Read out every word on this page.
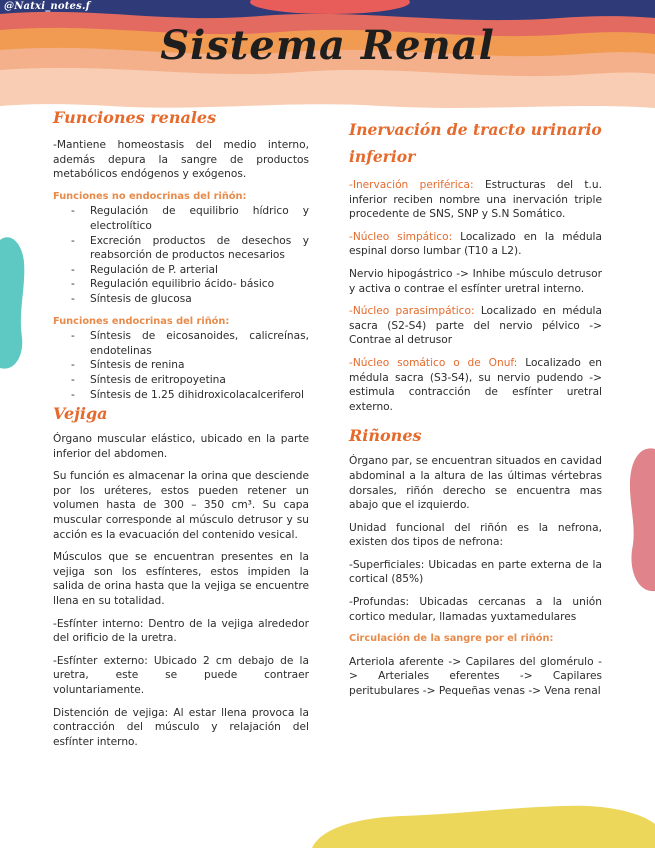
@Natxi_notes.f
Sistema Renal
Funciones renales

-Mantiene homeostasis del medio interno, además depura la sangre de productos metabólicos endógenos y exógenos.

Funciones no endocrinas del riñón:
- Regulación de equilibrio hídrico y electrolítico
- Excreción productos de desechos y reabsorción de productos necesarios
- Regulación de P. arterial
- Regulación equilibrio ácido- básico
- Síntesis de glucosa
Funciones endocrinas del riñón:
- Síntesis de eicosanoides, calicreínas, endotelinas
- Síntesis de renina
- Síntesis de eritropoyetina
- Síntesis de 1.25 dihidroxicolacalceriferol
Vejiga

Órgano muscular elástico, ubicado en la parte inferior del abdomen.

Su función es almacenar la orina que desciende por los uréteres, estos pueden retener un volumen hasta de 300 – 350 cm³. Su capa muscular corresponde al músculo detrusor y su acción es la evacuación del contenido vesical.

Músculos que se encuentran presentes en la vejiga son los esfínteres, estos impiden la salida de orina hasta que la vejiga se encuentre llena en su totalidad.

-Esfínter interno: Dentro de la vejiga alrededor del orificio de la uretra.

-Esfínter externo: Ubicado 2 cm debajo de la uretra, este se puede contraer voluntariamente.

Distención de vejiga: Al estar llena provoca la contracción del músculo y relajación del esfínter interno.

Inervación de tracto urinario inferior

-Inervación periférica: Estructuras del t.u. inferior reciben nombre una inervación triple procedente de SNS, SNP y S.N Somático.

-Núcleo simpático: Localizado en la médula espinal dorso lumbar (T10 a L2).

Nervio hipogástrico -> Inhibe músculo detrusor y activa o contrae el esfínter uretral interno.

-Núcleo parasimpático: Localizado en médula sacra (S2-S4) parte del nervio pélvico -> Contrae al detrusor

-Núcleo somático o de Onuf: Localizado en médula sacra (S3-S4), su nervio pudendo -> estimula contracción de esfínter uretral externo.

Riñones

Órgano par, se encuentran situados en cavidad abdominal a la altura de las últimas vértebras dorsales, riñón derecho se encuentra mas abajo que el izquierdo.

Unidad funcional del riñón es la nefrona, existen dos tipos de nefrona:

-Superficiales: Ubicadas en parte externa de la cortical (85%)

-Profundas: Ubicadas cercanas a la unión cortico medular, llamadas yuxtamedulares

Circulación de la sangre por el riñón:

Arteriola aferente -> Capilares del glomérulo -> Arteriales eferentes -> Capilares peritubulares -> Pequeñas venas -> Vena renal
